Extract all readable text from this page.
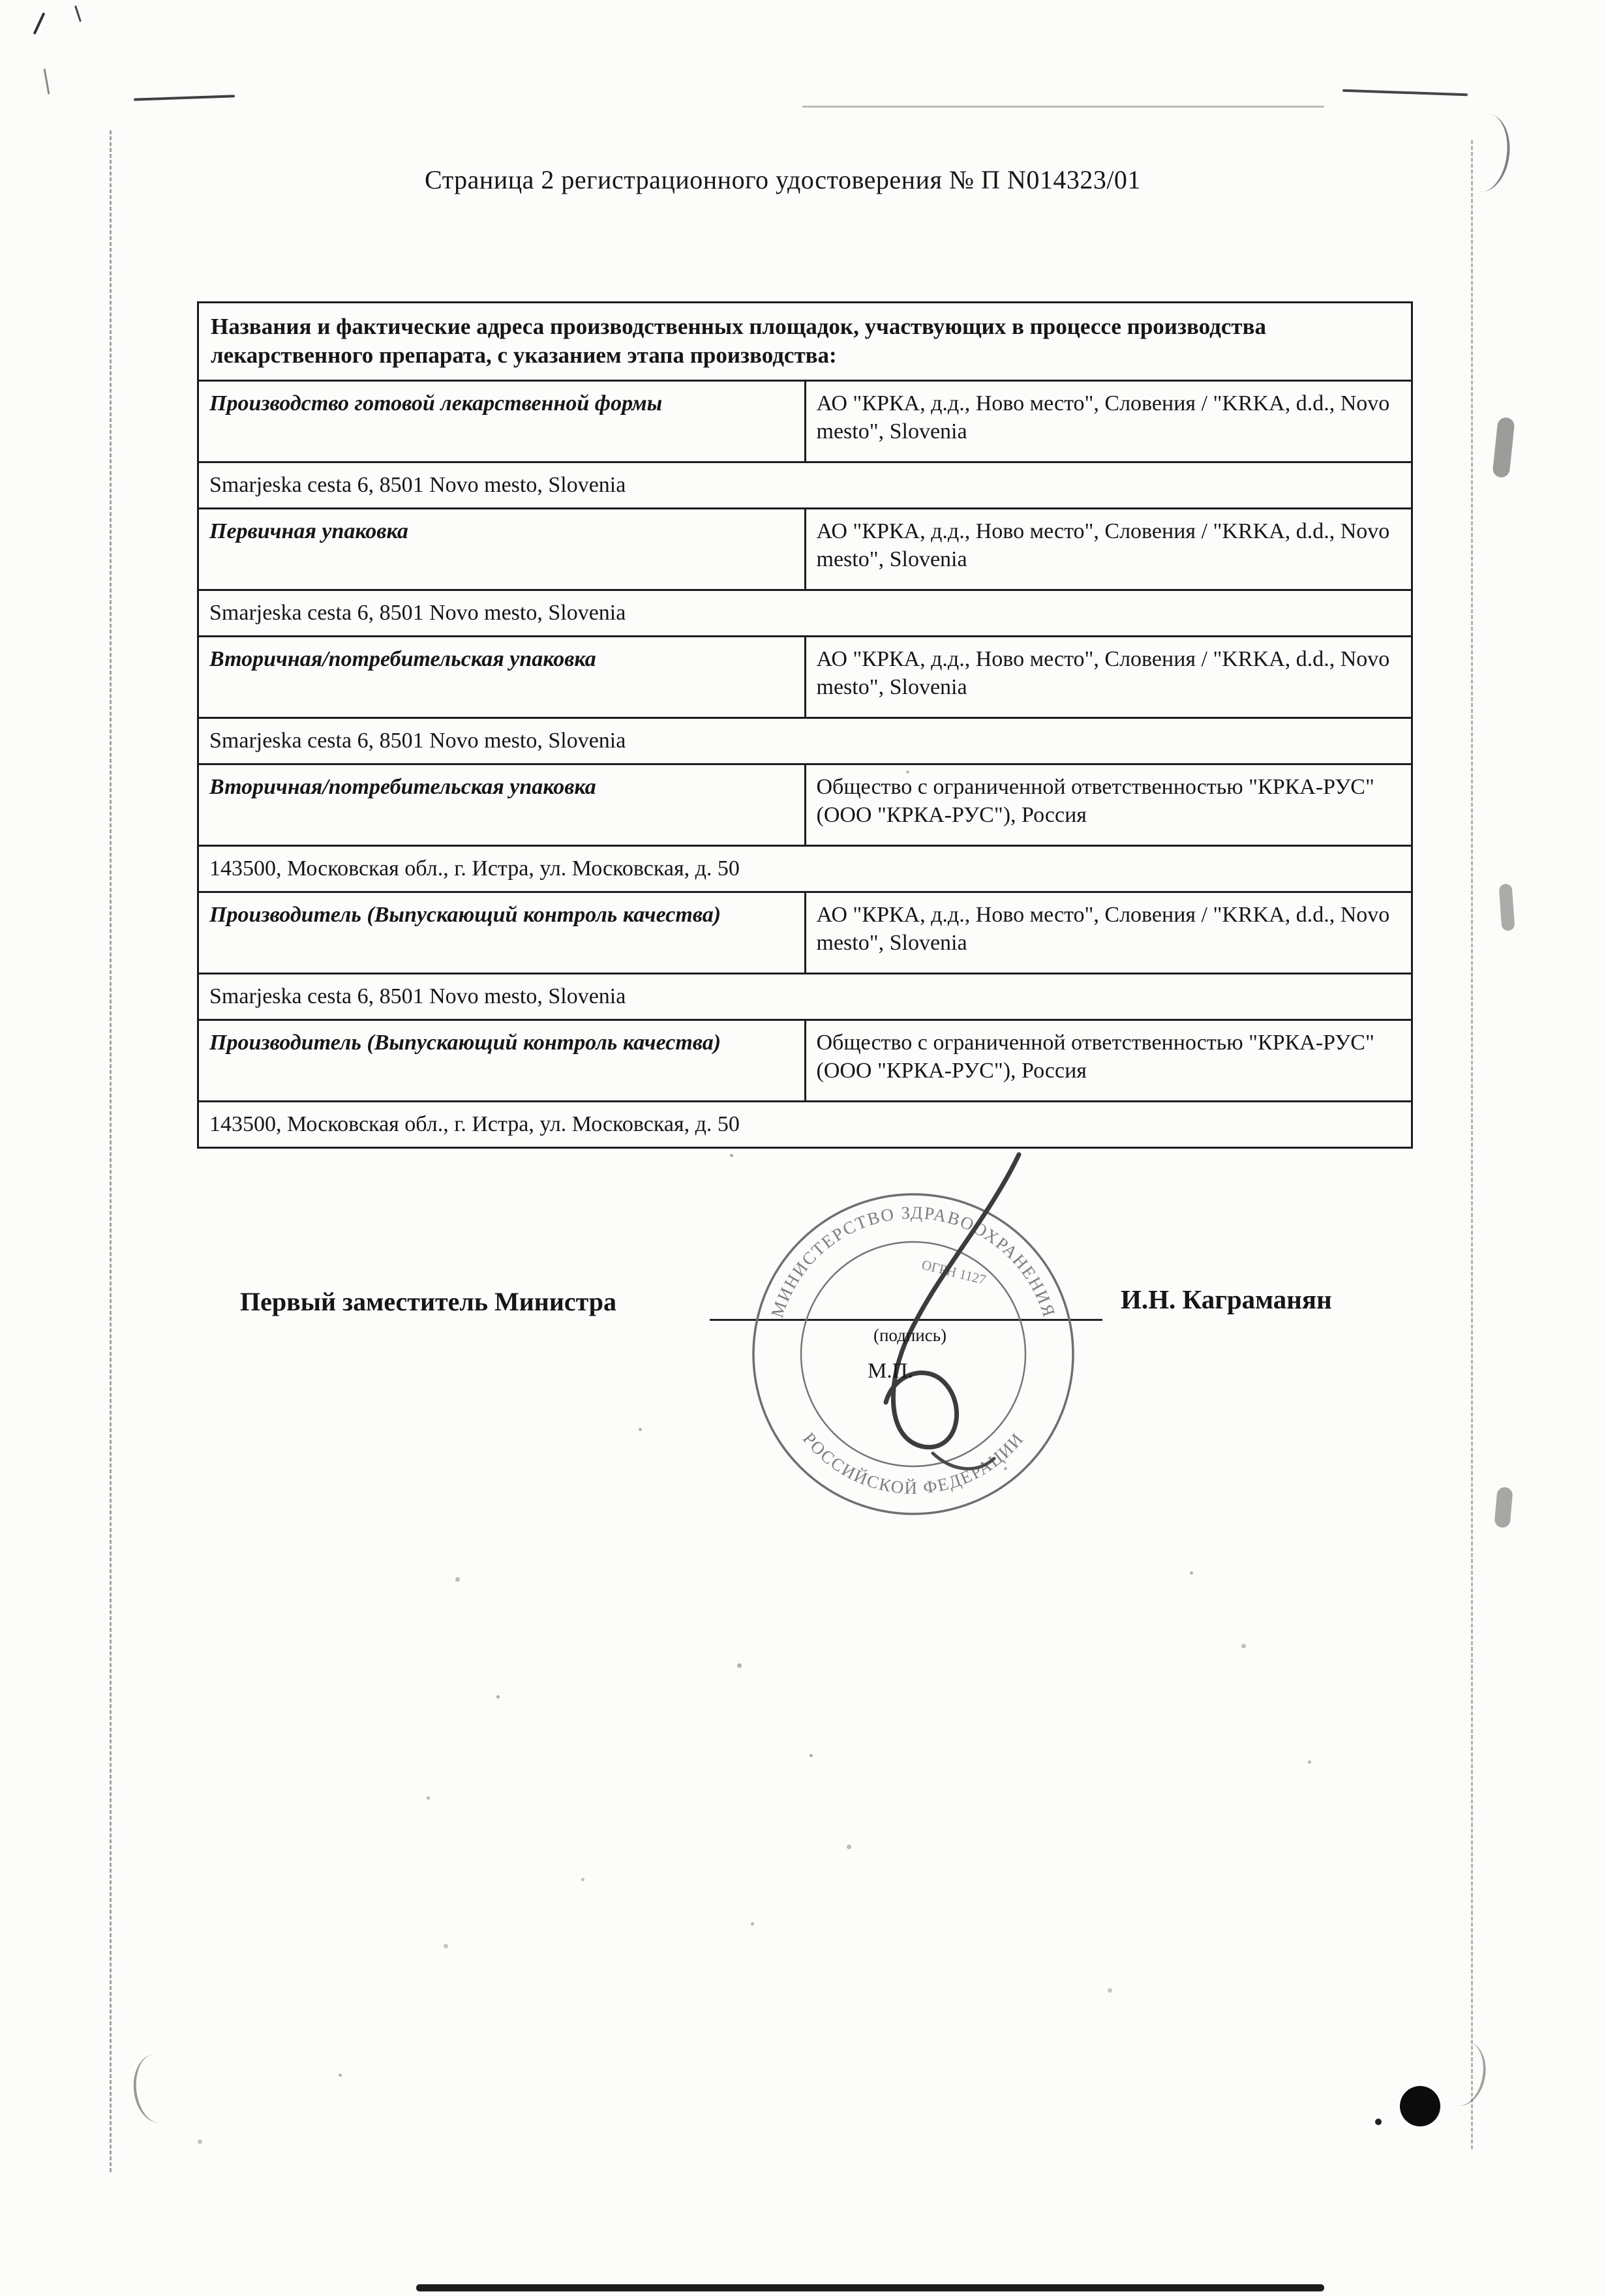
Страница 2 регистрационного удостоверения № П N014323/01
Названия и фактические адреса производственных площадок, участвующих в процессе производства лекарственного препарата, с указанием этапа производства:	
Производство готовой лекарственной формы	АО "КРКА, д.д., Ново место", Словения / "KRKA, d.d., Novo mesto", Slovenia
Smarjeska cesta 6, 8501 Novo mesto, Slovenia	
Первичная упаковка	АО "КРКА, д.д., Ново место", Словения / "KRKA, d.d., Novo mesto", Slovenia
Smarjeska cesta 6, 8501 Novo mesto, Slovenia	
Вторичная/потребительская упаковка	АО "КРКА, д.д., Ново место", Словения / "KRKA, d.d., Novo mesto", Slovenia
Smarjeska cesta 6, 8501 Novo mesto, Slovenia	
Вторичная/потребительская упаковка	Общество с ограниченной ответственностью "КРКА-РУС" (ООО "КРКА-РУС"), Россия
143500, Московская обл., г. Истра, ул. Московская, д. 50	
Производитель (Выпускающий контроль качества)	АО "КРКА, д.д., Ново место", Словения / "KRKA, d.d., Novo mesto", Slovenia
Smarjeska cesta 6, 8501 Novo mesto, Slovenia	
Производитель (Выпускающий контроль качества)	Общество с ограниченной ответственностью "КРКА-РУС" (ООО "КРКА-РУС"), Россия
143500, Московская обл., г. Истра, ул. Московская, д. 50	
Первый заместитель Министра
(подпись)
М.П.
И.Н. Каграманян
МИНИСТЕРСТВО ЗДРАВООХРАНЕНИЯ
РОССИЙСКОЙ ФЕДЕРАЦИИ
ОГРН 1127
